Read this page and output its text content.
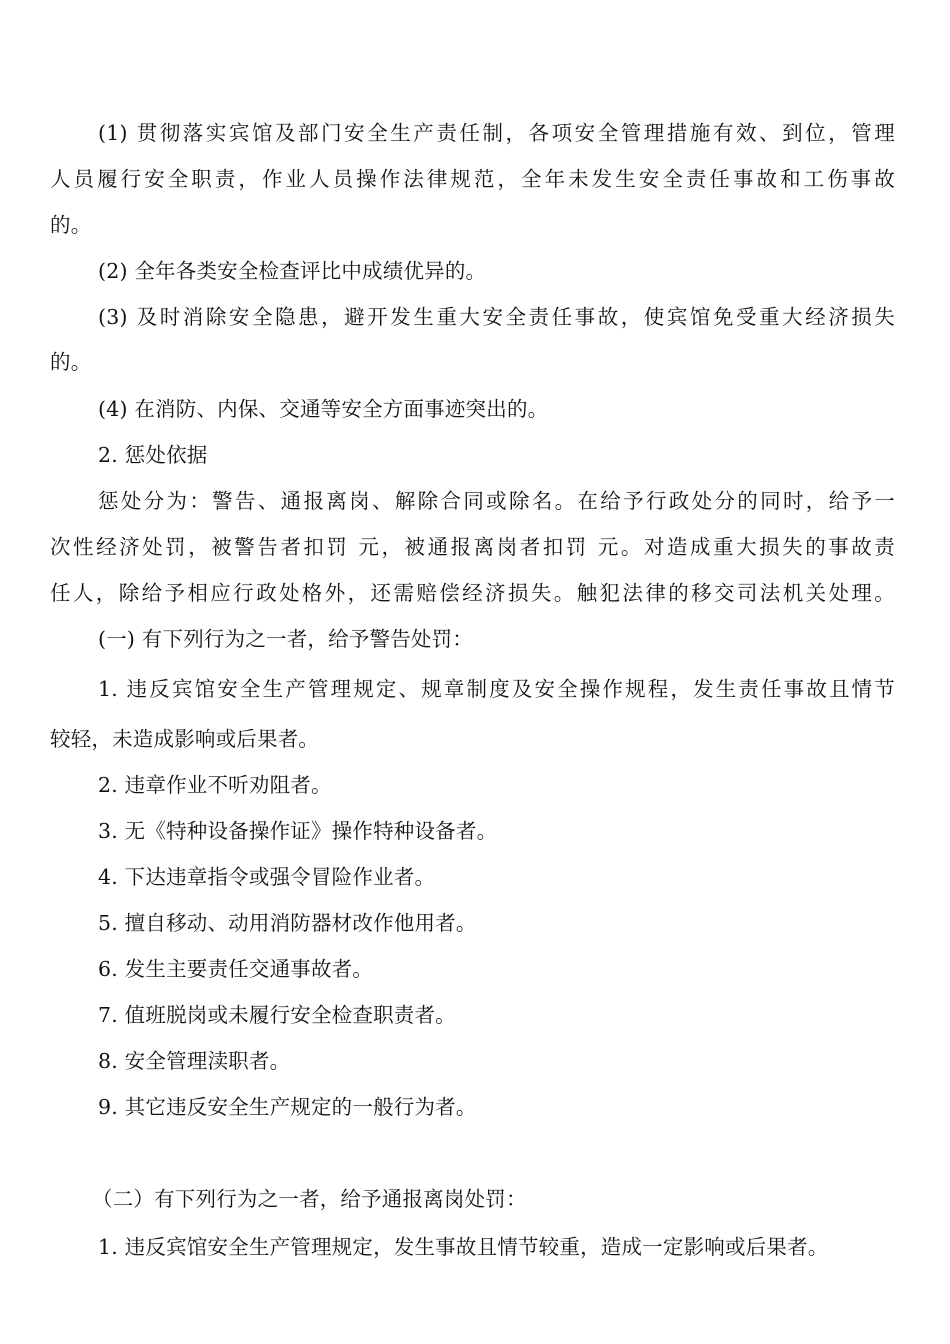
(1) 贯彻落实宾馆及部门安全生产责任制，各项安全管理措施有效、到位，管理
人员履行安全职责，作业人员操作法律规范，全年未发生安全责任事故和工伤事故
的。
(2) 全年各类安全检查评比中成绩优异的。
(3) 及时消除安全隐患，避开发生重大安全责任事故，使宾馆免受重大经济损失
的。
(4) 在消防、内保、交通等安全方面事迹突出的。
2. 惩处依据
惩处分为：警告、通报离岗、解除合同或除名。在给予行政处分的同时，给予一
次性经济处罚，被警告者扣罚 元，被通报离岗者扣罚 元。对造成重大损失的事故责
任人，除给予相应行政处格外，还需赔偿经济损失。触犯法律的移交司法机关处理。
(一) 有下列行为之一者，给予警告处罚：
1. 违反宾馆安全生产管理规定、规章制度及安全操作规程，发生责任事故且情节
较轻，未造成影响或后果者。
2. 违章作业不听劝阻者。
3. 无《特种设备操作证》操作特种设备者。
4. 下达违章指令或强令冒险作业者。
5. 擅自移动、动用消防器材改作他用者。
6. 发生主要责任交通事故者。
7. 值班脱岗或未履行安全检查职责者。
8. 安全管理渎职者。
9. 其它违反安全生产规定的一般行为者。
（二）有下列行为之一者，给予通报离岗处罚：
1. 违反宾馆安全生产管理规定，发生事故且情节较重，造成一定影响或后果者。
